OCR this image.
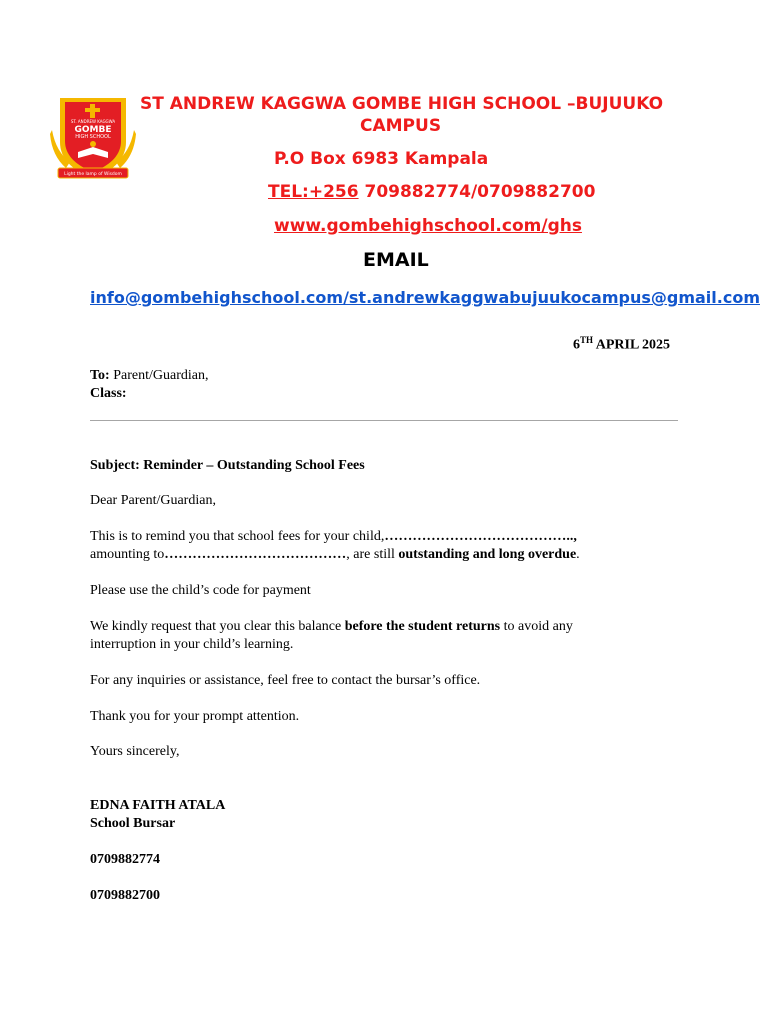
ST. ANDREW KAGGWA
GOMBE
HIGH SCHOOL
Light the lamp of Wisdom
ST ANDREW KAGGWA GOMBE HIGH SCHOOL –BUJUUKO
CAMPUS
P.O Box 6983 Kampala
TEL:+256 709882774/0709882700
www.gombehighschool.com/ghs
EMAIL
info@gombehighschool.com/st.andrewkaggwabujuukocampus@gmail.com
6TH APRIL 2025
To: Parent/Guardian,
Class:
Subject: Reminder – Outstanding School Fees
Dear Parent/Guardian,
This is to remind you that school fees for your child,…………………………………..,
amounting to…………………………………, are still outstanding and long overdue.
Please use the child’s code for payment
We kindly request that you clear this balance before the student returns to avoid any
interruption in your child’s learning.
For any inquiries or assistance, feel free to contact the bursar’s office.
Thank you for your prompt attention.
Yours sincerely,
EDNA FAITH ATALA
School Bursar
0709882774
0709882700
